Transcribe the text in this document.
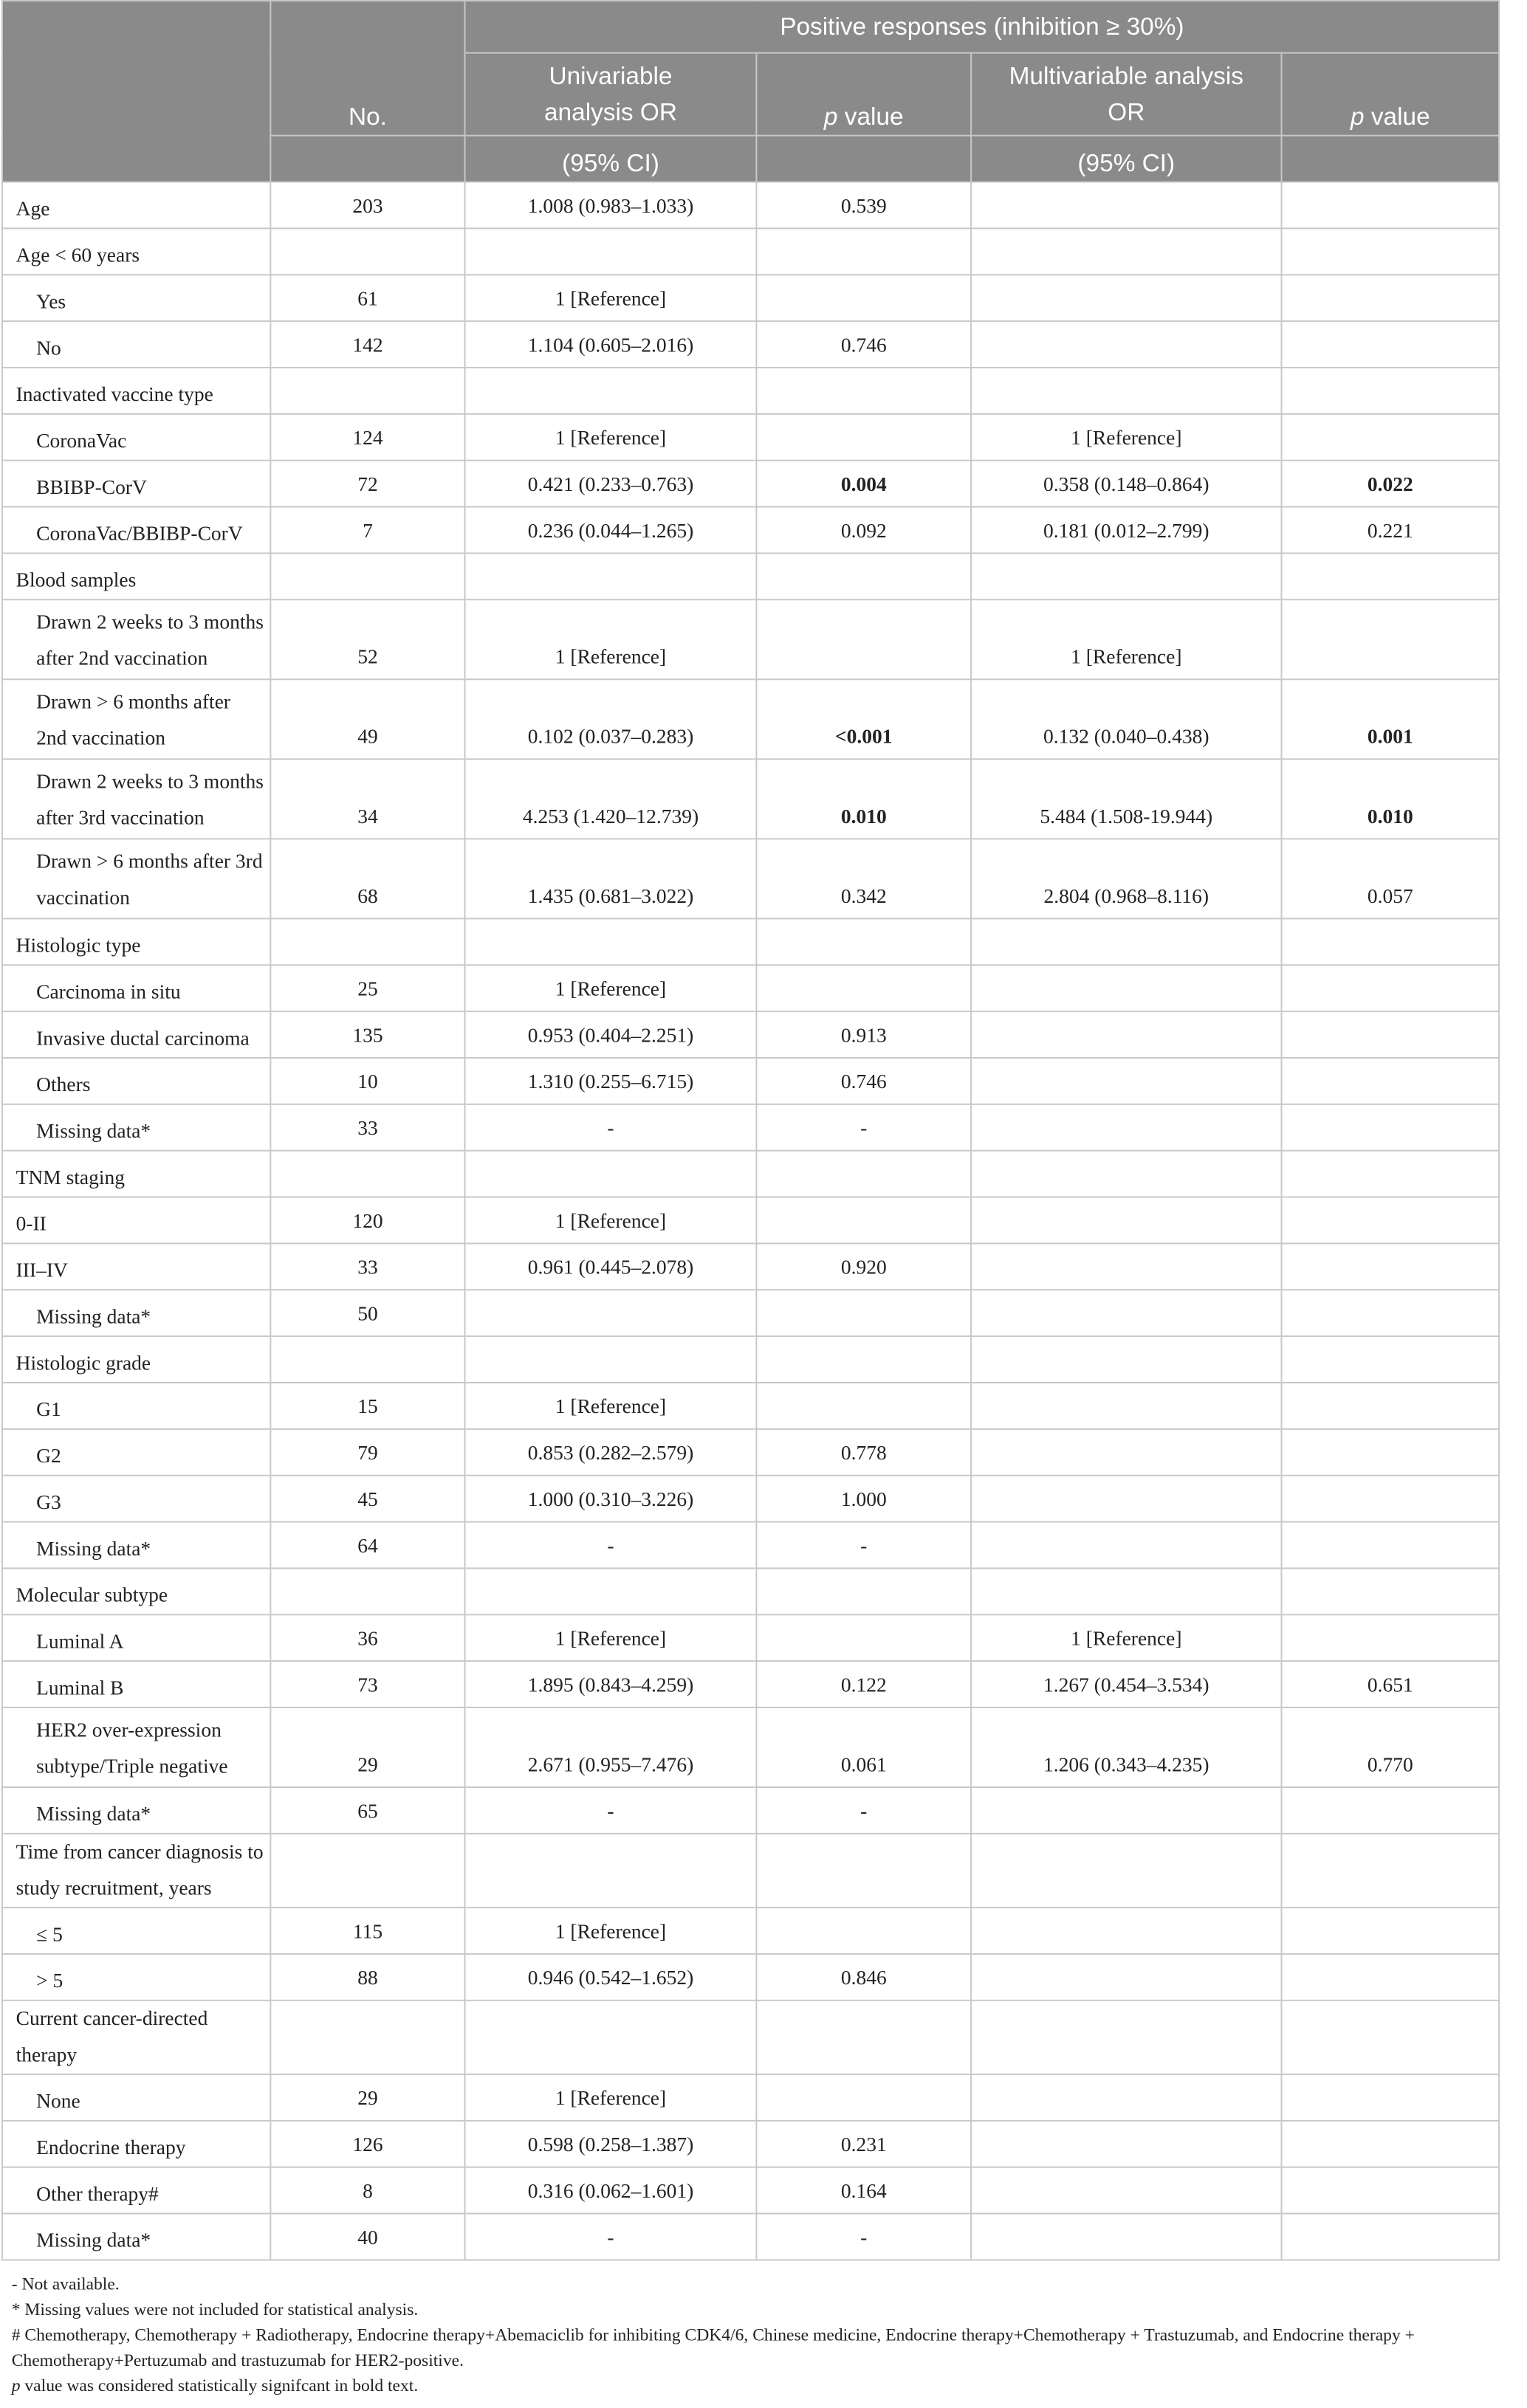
	No.	Positive responses (inhibition ≥ 30%)			
		Univariable analysis OR	p value	Multivariable analysis OR	p value
		(95% CI)		(95% CI)	
Age	203	1.008 (0.983–1.033)	0.539		
Age < 60 years					
Yes	61	1 [Reference]			
No	142	1.104 (0.605–2.016)	0.746		
Inactivated vaccine type					
CoronaVac	124	1 [Reference]		1 [Reference]	
BBIBP-CorV	72	0.421 (0.233–0.763)	0.004	0.358 (0.148–0.864)	0.022
CoronaVac/BBIBP-CorV	7	0.236 (0.044–1.265)	0.092	0.181 (0.012–2.799)	0.221
Blood samples					
Drawn 2 weeks to 3 months after 2nd vaccination	52	1 [Reference]		1 [Reference]	
Drawn > 6 months after 2nd vaccination	49	0.102 (0.037–0.283)	<0.001	0.132 (0.040–0.438)	0.001
Drawn 2 weeks to 3 months after 3rd vaccination	34	4.253 (1.420–12.739)	0.010	5.484 (1.508-19.944)	0.010
Drawn > 6 months after 3rd vaccination	68	1.435 (0.681–3.022)	0.342	2.804 (0.968–8.116)	0.057
Histologic type					
Carcinoma in situ	25	1 [Reference]			
Invasive ductal carcinoma	135	0.953 (0.404–2.251)	0.913		
Others	10	1.310 (0.255–6.715)	0.746		
Missing data*	33	-	-		
TNM staging					
0-II	120	1 [Reference]			
III–IV	33	0.961 (0.445–2.078)	0.920		
Missing data*	50				
Histologic grade					
G1	15	1 [Reference]			
G2	79	0.853 (0.282–2.579)	0.778		
G3	45	1.000 (0.310–3.226)	1.000		
Missing data*	64	-	-		
Molecular subtype					
Luminal A	36	1 [Reference]		1 [Reference]	
Luminal B	73	1.895 (0.843–4.259)	0.122	1.267 (0.454–3.534)	0.651
HER2 over-expression subtype/Triple negative	29	2.671 (0.955–7.476)	0.061	1.206 (0.343–4.235)	0.770
Missing data*	65	-	-		
Time from cancer diagnosis to study recruitment, years					
≤ 5	115	1 [Reference]			
> 5	88	0.946 (0.542–1.652)	0.846		
Current cancer-directed therapy					
None	29	1 [Reference]			
Endocrine therapy	126	0.598 (0.258–1.387)	0.231		
Other therapy#	8	0.316 (0.062–1.601)	0.164		
Missing data*	40	-	-		

- Not available.

* Missing values were not included for statistical analysis.

# Chemotherapy, Chemotherapy + Radiotherapy, Endocrine therapy+Abemaciclib for inhibiting CDK4/6, Chinese medicine, Endocrine therapy+Chemotherapy + Trastuzumab, and Endocrine therapy + Chemotherapy+Pertuzumab and trastuzumab for HER2-positive.

p value was considered statistically signifcant in bold text.
